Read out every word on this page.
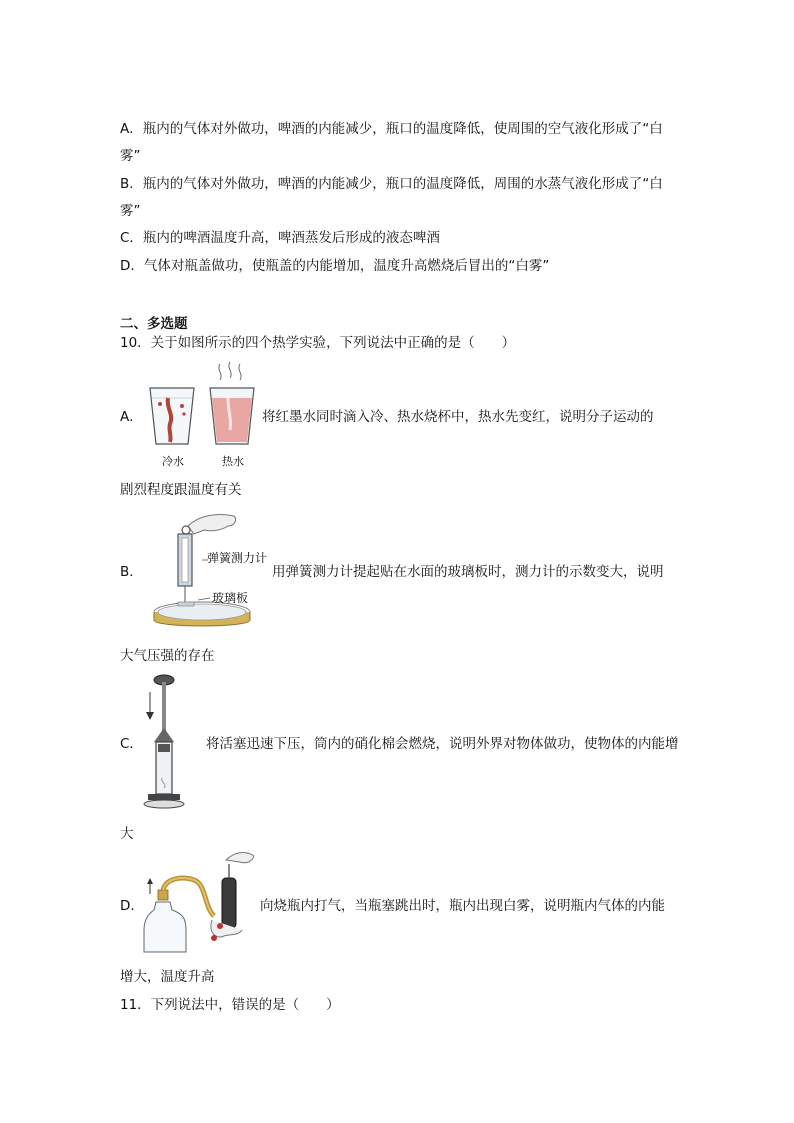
A．瓶内的气体对外做功，啤酒的内能减少，瓶口的温度降低，使周围的空气液化形成了“白
雾”
B．瓶内的气体对外做功，啤酒的内能减少，瓶口的温度降低，周围的水蒸气液化形成了“白
雾”
C．瓶内的啤酒温度升高，啤酒蒸发后形成的液态啤酒
D．气体对瓶盖做功，使瓶盖的内能增加，温度升高燃烧后冒出的“白雾”
二、多选题
10．关于如图所示的四个热学实验，下列说法中正确的是（　　）
A．
冷水	热水
将红墨水同时滴入冷、热水烧杯中，热水先变红，说明分子运动的
剧烈程度跟温度有关
B．
弹簧测力计
玻璃板
用弹簧测力计提起贴在水面的玻璃板时，测力计的示数变大，说明
大气压强的存在
C．	将活塞迅速下压，筒内的硝化棉会燃烧，说明外界对物体做功，使物体的内能增
大
D．	向烧瓶内打气，当瓶塞跳出时，瓶内出现白雾，说明瓶内气体的内能
增大，温度升高
11．下列说法中，错误的是（　　）
